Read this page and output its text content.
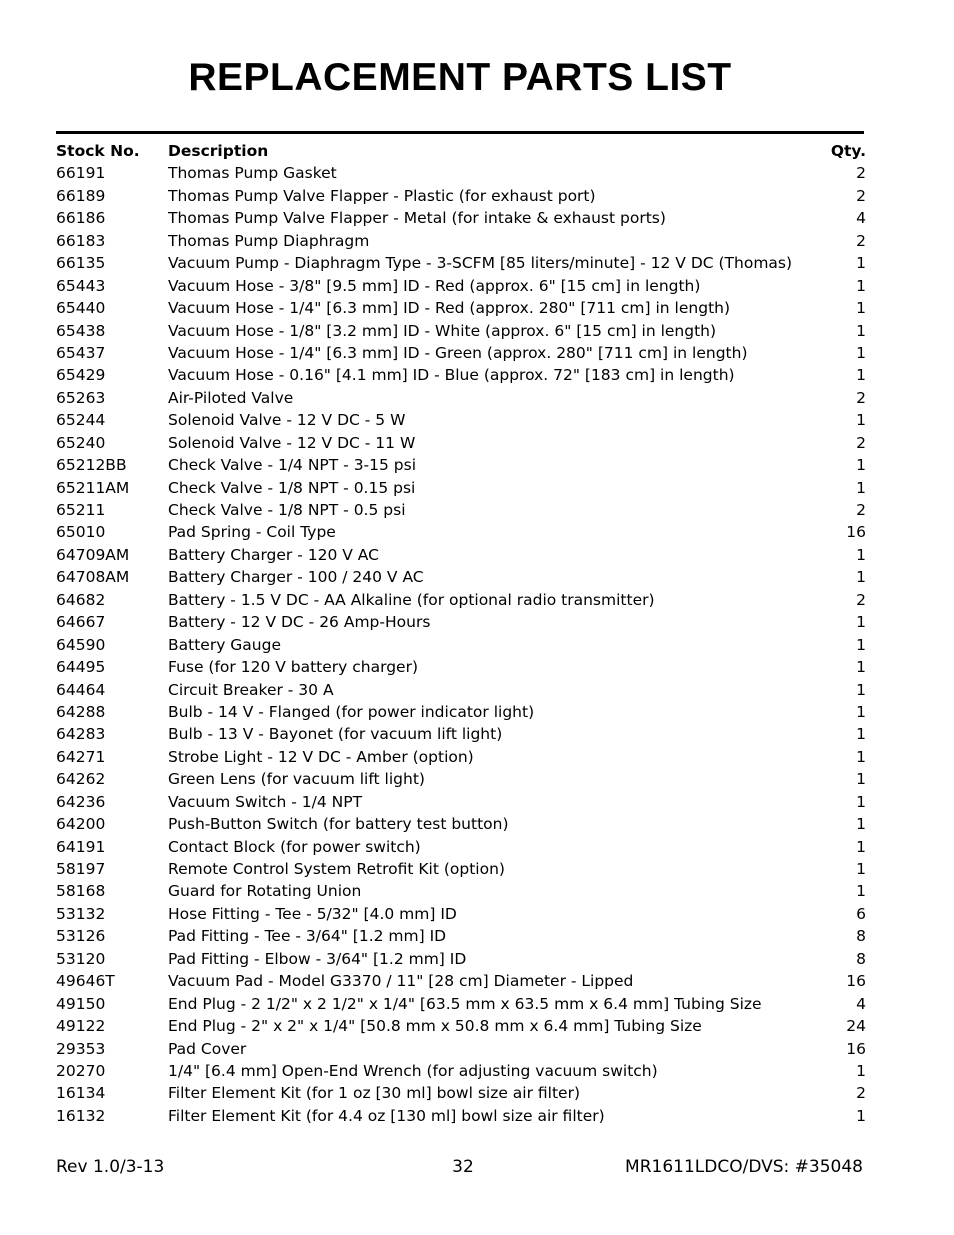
REPLACEMENT PARTS LIST
Stock No. Description	Qty.
66191	Thomas Pump Gasket	2
66189	Thomas Pump Valve Flapper - Plastic (for exhaust port)	2
66186	Thomas Pump Valve Flapper - Metal (for intake & exhaust ports)	4
66183	Thomas Pump Diaphragm	2
66135	Vacuum Pump - Diaphragm Type - 3-SCFM [85 liters/minute] - 12 V DC (Thomas)	1
65443	Vacuum Hose - 3/8" [9.5 mm] ID - Red (approx. 6" [15 cm] in length)	1
65440	Vacuum Hose - 1/4" [6.3 mm] ID - Red (approx. 280" [711 cm] in length)	1
65438	Vacuum Hose - 1/8" [3.2 mm] ID - White (approx. 6" [15 cm] in length)	1
65437	Vacuum Hose - 1/4" [6.3 mm] ID - Green (approx. 280" [711 cm] in length)	1
65429	Vacuum Hose - 0.16" [4.1 mm] ID - Blue (approx. 72" [183 cm] in length)	1
65263	Air-Piloted Valve	2
65244	Solenoid Valve - 12 V DC - 5 W	1
65240	Solenoid Valve - 12 V DC - 11 W	2
65212BB	Check Valve - 1/4 NPT - 3-15 psi	1
65211AM Check Valve - 1/8 NPT - 0.15 psi	1
65211	Check Valve - 1/8 NPT - 0.5 psi	2
65010	Pad Spring - Coil Type	16
64709AM Battery Charger - 120 V AC	1
64708AM Battery Charger - 100 / 240 V AC	1
64682	Battery - 1.5 V DC - AA Alkaline (for optional radio transmitter)	2
64667	Battery - 12 V DC - 26 Amp-Hours	1
64590	Battery Gauge	1
64495	Fuse (for 120 V battery charger)	1
64464	Circuit Breaker - 30 A	1
64288	Bulb - 14 V - Flanged (for power indicator light)	1
64283	Bulb - 13 V - Bayonet (for vacuum lift light)	1
64271	Strobe Light - 12 V DC - Amber (option)	1
64262	Green Lens (for vacuum lift light)	1
64236	Vacuum Switch - 1/4 NPT	1
64200	Push-Button Switch (for battery test button)	1
64191	Contact Block (for power switch)	1
58197	Remote Control System Retrofit Kit (option)	1
58168	Guard for Rotating Union	1
53132	Hose Fitting - Tee - 5/32" [4.0 mm] ID	6
53126	Pad Fitting - Tee - 3/64" [1.2 mm] ID	8
53120	Pad Fitting - Elbow - 3/64" [1.2 mm] ID	8
49646T	Vacuum Pad - Model G3370 / 11" [28 cm] Diameter - Lipped	16
49150	End Plug - 2 1/2" x 2 1/2" x 1/4" [63.5 mm x 63.5 mm x 6.4 mm] Tubing Size	4
49122	End Plug - 2" x 2" x 1/4" [50.8 mm x 50.8 mm x 6.4 mm] Tubing Size	24
29353	Pad Cover	16
20270	1/4" [6.4 mm] Open-End Wrench (for adjusting vacuum switch)	1
16134	Filter Element Kit (for 1 oz [30 ml] bowl size air filter)	2
16132	Filter Element Kit (for 4.4 oz [130 ml] bowl size air filter)	1
Rev 1.0/3-13	32	MR1611LDCO/DVS: #35048
